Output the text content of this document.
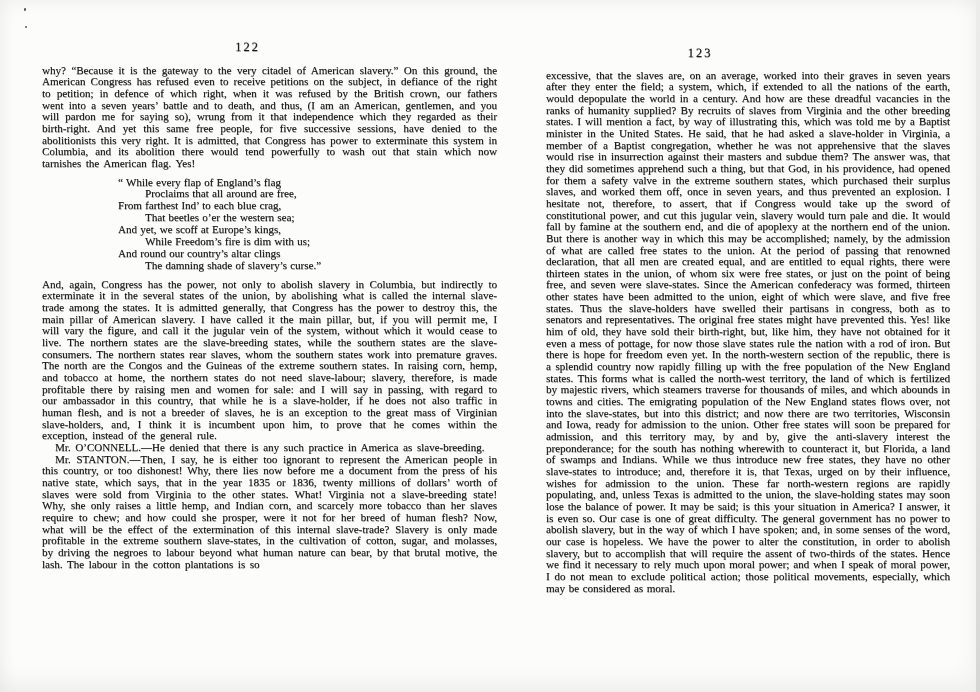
122

why? “Because it is the gateway to the very citadel of American slavery.” On this ground, the American Congress has refused even to receive petitions on the subject, in defiance of the right to petition; in defence of which right, when it was refused by the British crown, our fathers went into a seven years’ battle and to death, and thus, (I am an American, gentlemen, and you will pardon me for saying so), wrung from it that independence which they regarded as their birth-right. And yet this same free people, for five successive sessions, have denied to the abolitionists this very right. It is admitted, that Congress has power to exterminate this system in Columbia, and its abolition there would tend powerfully to wash out that stain which now tarnishes the American flag. Yes!

“ While every flap of England’s flag
Proclaims that all around are free,
From farthest Ind’ to each blue crag,
That beetles o’er the western sea;
And yet, we scoff at Europe’s kings,
While Freedom’s fire is dim with us;
And round our country’s altar clings
The damning shade of slavery’s curse.”

And, again, Congress has the power, not only to abolish slavery in Columbia, but indirectly to exterminate it in the several states of the union, by abolishing what is called the internal slave-trade among the states. It is admitted generally, that Congress has the power to destroy this, the main pillar of American slavery. I have called it the main pillar, but, if you will permit me, I will vary the figure, and call it the jugular vein of the system, without which it would cease to live. The northern states are the slave-breeding states, while the southern states are the slave-consumers. The northern states rear slaves, whom the southern states work into premature graves. The north are the Congos and the Guineas of the extreme southern states. In raising corn, hemp, and tobacco at home, the northern states do not need slave-labour; slavery, therefore, is made profitable there by raising men and women for sale: and I will say in passing, with regard to our ambassador in this country, that while he is a slave-holder, if he does not also traffic in human flesh, and is not a breeder of slaves, he is an exception to the great mass of Virginian slave-holders, and, I think it is incumbent upon him, to prove that he comes within the exception, instead of the general rule.

Mr. O’CONNELL.—He denied that there is any such practice in America as slave-breeding.

Mr. STANTON.—Then, I say, he is either too ignorant to represent the American people in this country, or too dishonest! Why, there lies now before me a document from the press of his native state, which says, that in the year 1835 or 1836, twenty millions of dollars’ worth of slaves were sold from Virginia to the other states. What! Virginia not a slave-breeding state! Why, she only raises a little hemp, and Indian corn, and scarcely more tobacco than her slaves require to chew; and how could she prosper, were it not for her breed of human flesh? Now, what will be the effect of the extermination of this internal slave-trade? Slavery is only made profitable in the extreme southern slave-states, in the cultivation of cotton, sugar, and molasses, by driving the negroes to labour beyond what human nature can bear, by that brutal motive, the lash. The labour in the cotton plantations is so

123

excessive, that the slaves are, on an average, worked into their graves in seven years after they enter the field; a system, which, if extended to all the nations of the earth, would depopulate the world in a century. And how are these dreadful vacancies in the ranks of humanity supplied? By recruits of slaves from Virginia and the other breeding states. I will mention a fact, by way of illustrating this, which was told me by a Baptist minister in the United States. He said, that he had asked a slave-holder in Virginia, a member of a Baptist congregation, whether he was not apprehensive that the slaves would rise in insurrection against their masters and subdue them? The answer was, that they did sometimes apprehend such a thing, but that God, in his providence, had opened for them a safety valve in the extreme southern states, which purchased their surplus slaves, and worked them off, once in seven years, and thus prevented an explosion. I hesitate not, therefore, to assert, that if Congress would take up the sword of constitutional power, and cut this jugular vein, slavery would turn pale and die. It would fall by famine at the southern end, and die of apoplexy at the northern end of the union. But there is another way in which this may be accomplished; namely, by the admission of what are called free states to the union. At the period of passing that renowned declaration, that all men are created equal, and are entitled to equal rights, there were thirteen states in the union, of whom six were free states, or just on the point of being free, and seven were slave-states. Since the American confederacy was formed, thirteen other states have been admitted to the union, eight of which were slave, and five free states. Thus the slave-holders have swelled their partisans in congress, both as to senators and representatives. The original free states might have prevented this. Yes! like him of old, they have sold their birth-right, but, like him, they have not obtained for it even a mess of pottage, for now those slave states rule the nation with a rod of iron. But there is hope for freedom even yet. In the north-western section of the republic, there is a splendid country now rapidly filling up with the free population of the New England states. This forms what is called the north-west territory, the land of which is fertilized by majestic rivers, which steamers traverse for thousands of miles, and which abounds in towns and cities. The emigrating population of the New England states flows over, not into the slave-states, but into this district; and now there are two territories, Wisconsin and Iowa, ready for admission to the union. Other free states will soon be prepared for admission, and this territory may, by and by, give the anti-slavery interest the preponderance; for the south has nothing wherewith to counteract it, but Florida, a land of swamps and Indians. While we thus introduce new free states, they have no other slave-states to introduce; and, therefore it is, that Texas, urged on by their influence, wishes for admission to the union. These far north-western regions are rapidly populating, and, unless Texas is admitted to the union, the slave-holding states may soon lose the balance of power. It may be said; is this your situation in America? I answer, it is even so. Our case is one of great difficulty. The general government has no power to abolish slavery, but in the way of which I have spoken; and, in some senses of the word, our case is hopeless. We have the power to alter the constitution, in order to abolish slavery, but to accomplish that will require the assent of two-thirds of the states. Hence we find it necessary to rely much upon moral power; and when I speak of moral power, I do not mean to exclude political action; those political movements, especially, which may be considered as moral.
